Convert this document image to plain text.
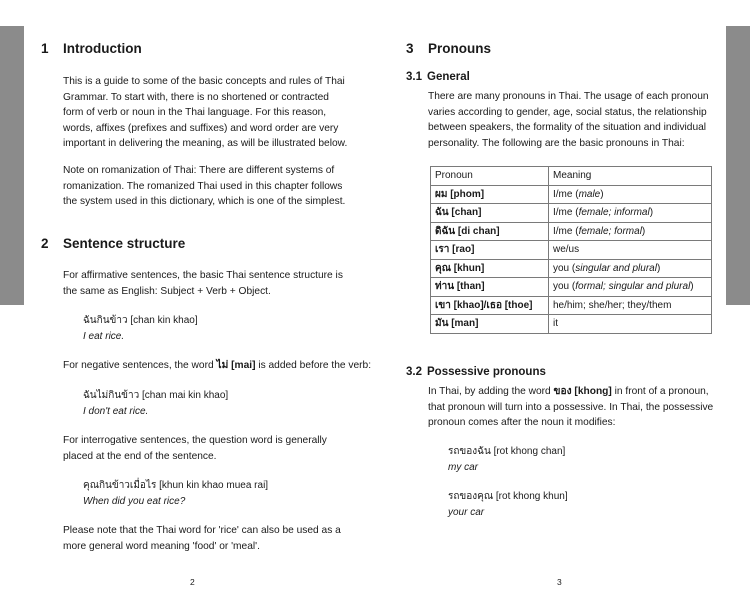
1 Introduction
This is a guide to some of the basic concepts and rules of Thai
Grammar. To start with, there is no shortened or contracted
form of verb or noun in the Thai language. For this reason,
words, affixes (prefixes and suffixes) and word order are very
important in delivering the meaning, as will be illustrated below.
Note on romanization of Thai: There are different systems of
romanization. The romanized Thai used in this chapter follows
the system used in this dictionary, which is one of the simplest.
2 Sentence structure
For affirmative sentences, the basic Thai sentence structure is
the same as English: Subject + Verb + Object.
ฉันกินข้าว [chan kin khao]
I eat rice.
For negative sentences, the word ไม่ [mai] is added before the verb:
ฉันไม่กินข้าว [chan mai kin khao]
I don't eat rice.
For interrogative sentences, the question word is generally
placed at the end of the sentence.
คุณกินข้าวเมื่อไร [khun kin khao muea rai]
When did you eat rice?
Please note that the Thai word for 'rice' can also be used as a
more general word meaning 'food' or 'meal'.
2
3 Pronouns
3.1 General
There are many pronouns in Thai. The usage of each pronoun
varies according to gender, age, social status, the relationship
between speakers, the formality of the situation and individual
personality. The following are the basic pronouns in Thai:
Pronoun	Meaning
ผม [phom]	I/me (male)
ฉัน [chan]	I/me (female; informal)
ดิฉัน [di chan]	I/me (female; formal)
เรา [rao]	we/us
คุณ [khun]	you (singular and plural)
ท่าน [than]	you (formal; singular and plural)
เขา [khao]/เธอ [thoe]	he/him; she/her; they/them
มัน [man]	it
3.2 Possessive pronouns
In Thai, by adding the word ของ [khong] in front of a pronoun,
that pronoun will turn into a possessive. In Thai, the possessive
pronoun comes after the noun it modifies:
รถของฉัน [rot khong chan]
my car
รถของคุณ [rot khong khun]
your car
3
